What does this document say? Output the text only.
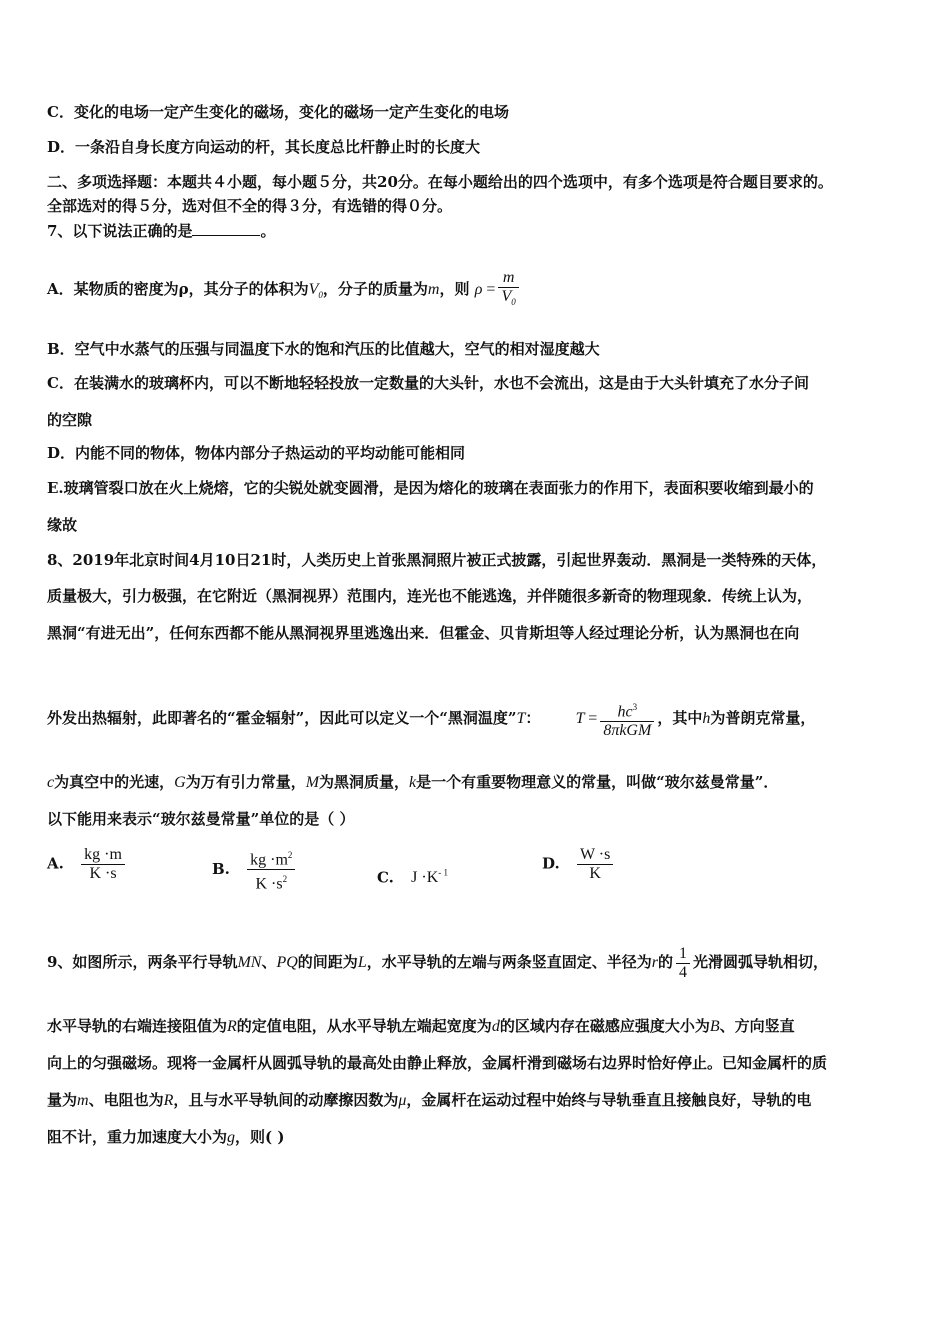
C．变化的电场一定产生变化的磁场，变化的磁场一定产生变化的电场
D．一条沿自身长度方向运动的杆，其长度总比杆静止时的长度大
二、多项选择题：本题共４小题，每小题５分，共20分。在每小题给出的四个选项中，有多个选项是符合题目要求的。
全部选对的得５分，选对但不全的得３分，有选错的得０分。
7、以下说法正确的是	。
A．某物质的密度为ρ，其分子的体积为$V_0$，分子的质量为m，则 $\rho = \frac{m}{V_0}$
B．空气中水蒸气的压强与同温度下水的饱和汽压的比值越大，空气的相对湿度越大
C．在装满水的玻璃杯内，可以不断地轻轻投放一定数量的大头针，水也不会流出，这是由于大头针填充了水分子间
的空隙
D．内能不同的物体，物体内部分子热运动的平均动能可能相同
E.玻璃管裂口放在火上烧熔，它的尖锐处就变圆滑，是因为熔化的玻璃在表面张力的作用下，表面积要收缩到最小的
缘故
8、2019年北京时间4月10日21时，人类历史上首张黑洞照片被正式披露，引起世界轰动．黑洞是一类特殊的天体，
质量极大，引力极强，在它附近（黑洞视界）范围内，连光也不能逃逸，并伴随很多新奇的物理现象．传统上认为，
黑洞“有进无出”，任何东西都不能从黑洞视界里逃逸出来．但霍金、贝肯斯坦等人经过理论分析，认为黑洞也在向
外发出热辐射，此即著名的“霍金辐射”，因此可以定义一个“黑洞温度”T： $T = \frac{hc^3}{\text{8πkGM}}$ ，其中h为普朗克常量，
c为真空中的光速，G为万有引力常量，M为黑洞质量，k是一个有重要物理意义的常量，叫做“玻尔兹曼常量”．
以下能用来表示“玻尔兹曼常量”单位的是（ ）
A. $\frac{kg \cdot m}{K \cdot s}$	B. $\frac{kg \cdot m^2}{K \cdot s^2}$	C. $J \cdot K^{- 1}$
D. $\frac{W \cdot s}{K}$
9、如图所示，两条平行导轨MN、PQ的间距为L，水平导轨的左端与两条竖直固定、半径为r的 $\frac{1}{4}$ 光滑圆弧导轨相切，
水平导轨的右端连接阻值为R的定值电阻，从水平导轨左端起宽度为d的区域内存在磁感应强度大小为B、方向竖直
向上的匀强磁场。现将一金属杆从圆弧导轨的最高处由静止释放，金属杆滑到磁场右边界时恰好停止。已知金属杆的质
量为m、电阻也为R，且与水平导轨间的动摩擦因数为μ，金属杆在运动过程中始终与导轨垂直且接触良好，导轨的电
阻不计，重力加速度大小为g，则( )
